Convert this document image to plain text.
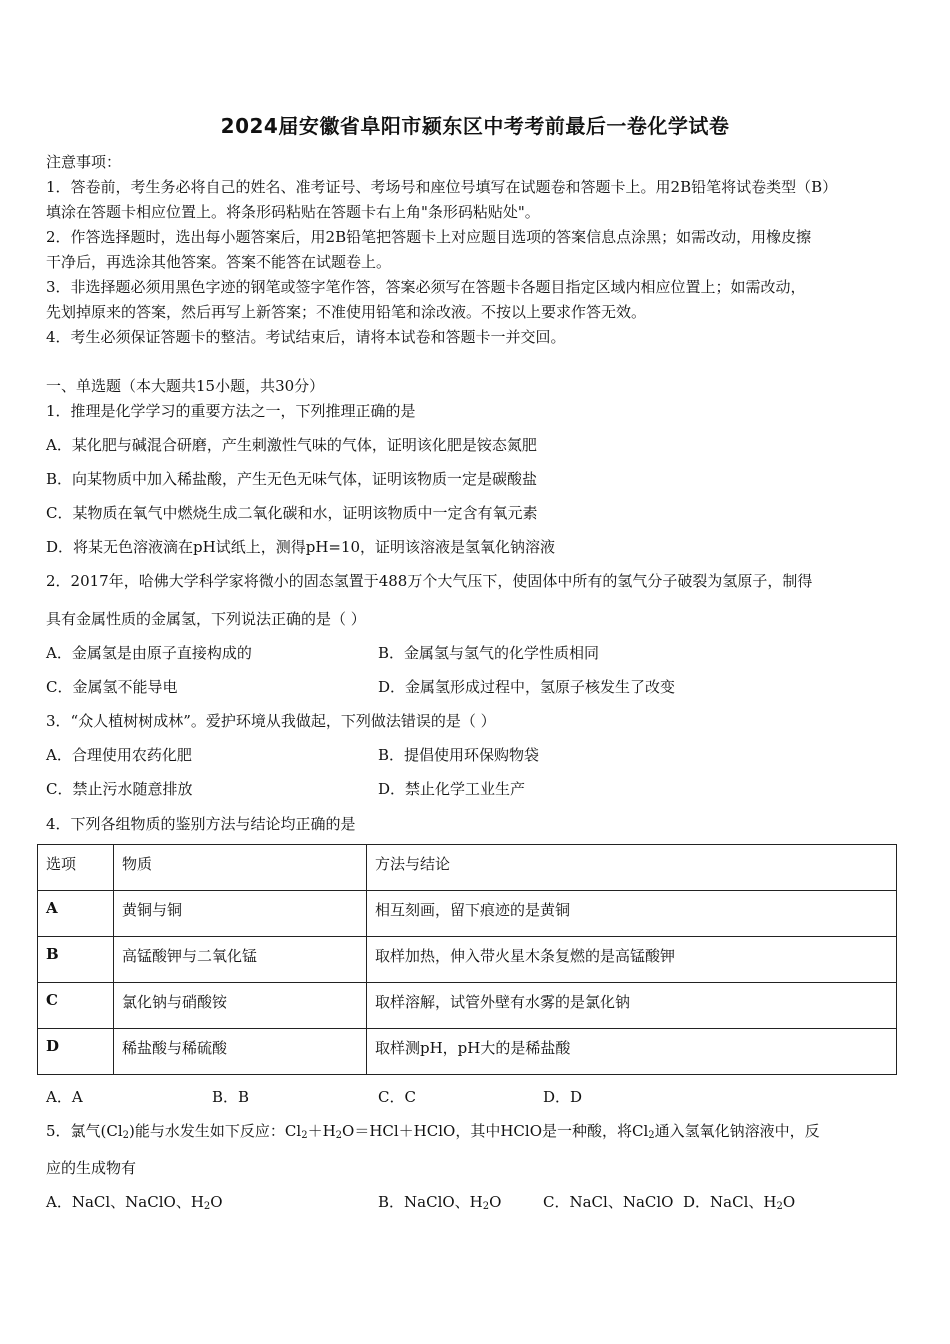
2024届安徽省阜阳市颍东区中考考前最后一卷化学试卷
注意事项：
1．答卷前，考生务必将自己的姓名、准考证号、考场号和座位号填写在试题卷和答题卡上。用2B铅笔将试卷类型（B）
填涂在答题卡相应位置上。将条形码粘贴在答题卡右上角"条形码粘贴处"。
2．作答选择题时，选出每小题答案后，用2B铅笔把答题卡上对应题目选项的答案信息点涂黑；如需改动，用橡皮擦
干净后，再选涂其他答案。答案不能答在试题卷上。
3．非选择题必须用黑色字迹的钢笔或签字笔作答，答案必须写在答题卡各题目指定区域内相应位置上；如需改动，
先划掉原来的答案，然后再写上新答案；不准使用铅笔和涂改液。不按以上要求作答无效。
4．考生必须保证答题卡的整洁。考试结束后，请将本试卷和答题卡一并交回。
一、单选题（本大题共15小题，共30分）
1．推理是化学学习的重要方法之一，下列推理正确的是
A．某化肥与碱混合研磨，产生刺激性气味的气体，证明该化肥是铵态氮肥
B．向某物质中加入稀盐酸，产生无色无味气体，证明该物质一定是碳酸盐
C．某物质在氧气中燃烧生成二氧化碳和水，证明该物质中一定含有氧元素
D．将某无色溶液滴在pH试纸上，测得pH=10，证明该溶液是氢氧化钠溶液
2．2017年，哈佛大学科学家将微小的固态氢置于488万个大气压下，使固体中所有的氢气分子破裂为氢原子，制得
具有金属性质的金属氢，下列说法正确的是（ ）
A．金属氢是由原子直接构成的	B．金属氢与氢气的化学性质相同
C．金属氢不能导电	D．金属氢形成过程中，氢原子核发生了改变
3．“众人植树树成林”。爱护环境从我做起，下列做法错误的是（ ）
A．合理使用农药化肥	B．提倡使用环保购物袋
C．禁止污水随意排放	D．禁止化学工业生产
4．下列各组物质的鉴别方法与结论均正确的是
选项	物质	方法与结论
A	黄铜与铜	相互刻画，留下痕迹的是黄铜
B	高锰酸钾与二氧化锰	取样加热，伸入带火星木条复燃的是高锰酸钾
C	氯化钠与硝酸铵	取样溶解，试管外壁有水雾的是氯化钠
D	稀盐酸与稀硫酸	取样测pH，pH大的是稀盐酸
A．A	B．B	C．C	D．D
5．氯气$(Cl_2)$能与水发生如下反应：$Cl_2+H_2O=HCl+HClO$，其中HClO是一种酸，将$Cl_2$通入氢氧化钠溶液中，反
应的生成物有
A．NaCl、NaClO、$H_2O$	B．NaClO、$H_2O$	C．NaCl、NaClO D．NaCl、$H_2O$
